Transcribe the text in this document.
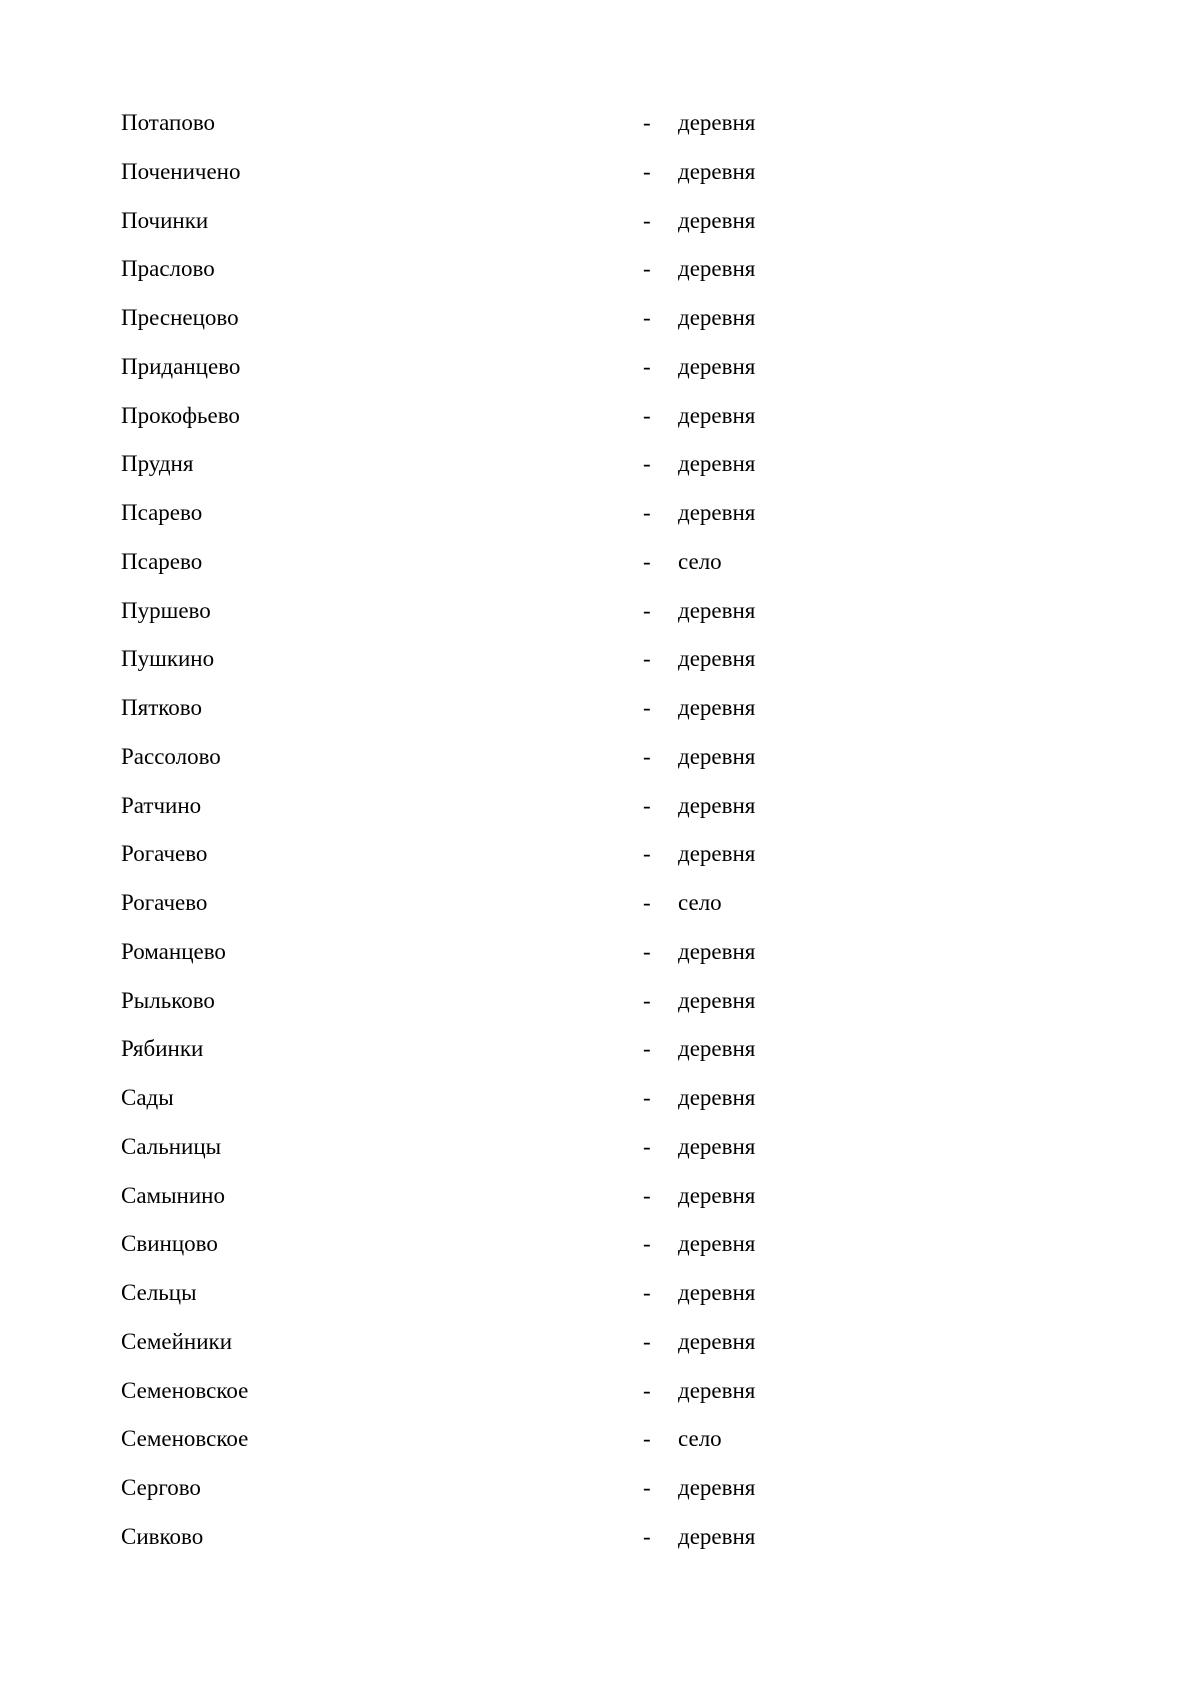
Потапово	- деревня
Поченичено	- деревня
Починки	- деревня
Праслово	- деревня
Преснецово	- деревня
Приданцево	- деревня
Прокофьево	- деревня
Прудня	- деревня
Псарево	- деревня
Псарево	- село
Пуршево	- деревня
Пушкино	- деревня
Пятково	- деревня
Рассолово	- деревня
Ратчино	- деревня
Рогачево	- деревня
Рогачево	- село
Романцево	- деревня
Рыльково	- деревня
Рябинки	- деревня
Сады	- деревня
Сальницы	- деревня
Самынино	- деревня
Свинцово	- деревня
Сельцы	- деревня
Семейники	- деревня
Семеновское	- деревня
Семеновское	- село
Сергово	- деревня
Сивково	- деревня
